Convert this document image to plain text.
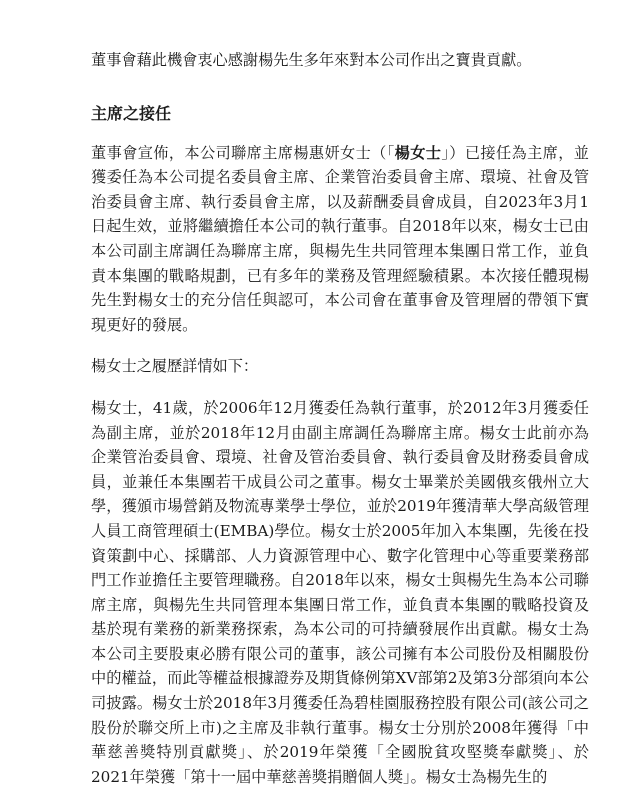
董事會藉此機會衷心感謝楊先生多年來對本公司作出之寶貴貢獻。

主席之接任

董事會宣佈，本公司聯席主席楊惠妍女士（「楊女士」）已接任為主席，並獲委任為本公司提名委員會主席、企業管治委員會主席、環境、社會及管治委員會主席、執行委員會主席，以及薪酬委員會成員，自2023年3月1日起生效，並將繼續擔任本公司的執行董事。自2018年以來，楊女士已由本公司副主席調任為聯席主席，與楊先生共同管理本集團日常工作，並負責本集團的戰略規劃，已有多年的業務及管理經驗積累。本次接任體現楊先生對楊女士的充分信任與認可，本公司會在董事會及管理層的帶領下實現更好的發展。

楊女士之履歷詳情如下：

楊女士，41歲，於2006年12月獲委任為執行董事，於2012年3月獲委任為副主席，並於2018年12月由副主席調任為聯席主席。楊女士此前亦為企業管治委員會、環境、社會及管治委員會、執行委員會及財務委員會成員，並兼任本集團若干成員公司之董事。楊女士畢業於美國俄亥俄州立大學，獲頒市場營銷及物流專業學士學位，並於2019年獲清華大學高級管理人員工商管理碩士(EMBA)學位。楊女士於2005年加入本集團，先後在投資策劃中心、採購部、人力資源管理中心、數字化管理中心等重要業務部門工作並擔任主要管理職務。自2018年以來，楊女士與楊先生為本公司聯席主席，與楊先生共同管理本集團日常工作，並負責本集團的戰略投資及基於現有業務的新業務探索，為本公司的可持續發展作出貢獻。楊女士為本公司主要股東必勝有限公司的董事，該公司擁有本公司股份及相關股份中的權益，而此等權益根據證券及期貨條例第XV部第2及第3分部須向本公司披露。楊女士於2018年3月獲委任為碧桂園服務控股有限公司(該公司之股份於聯交所上市)之主席及非執行董事。楊女士分別於2008年獲得「中華慈善獎特別貢獻獎」、於2019年榮獲「全國脫貧攻堅獎奉獻獎」、於2021年榮獲「第十一屆中華慈善獎捐贈個人獎」。楊女士為楊先生的
